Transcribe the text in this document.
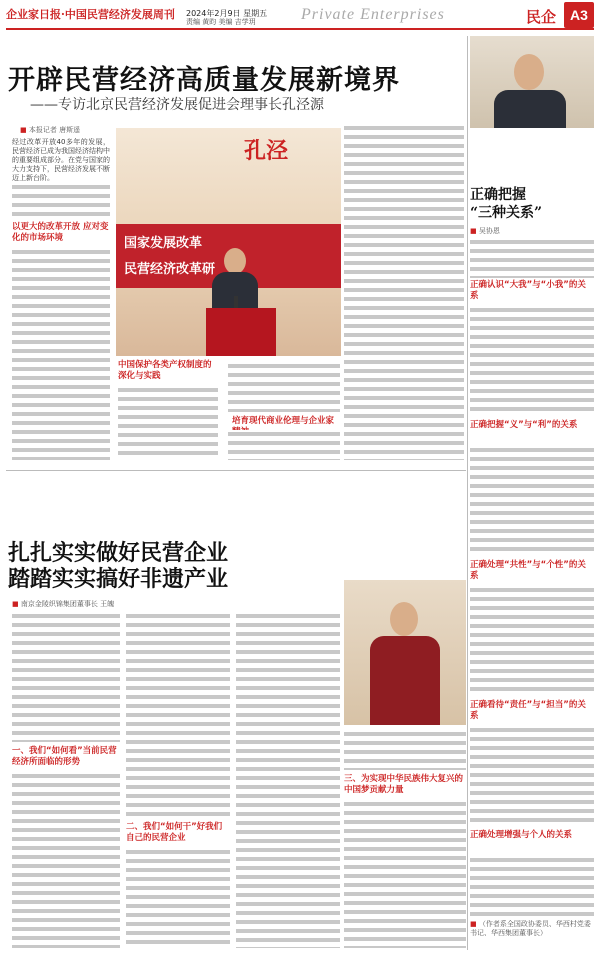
企业家日报·中国民营经济发展周刊 2024年2月9日 星期五
责编 黄昀 美编 吉学玥	Private Enterprises	民企	A3
开辟民营经济高质量发展新境界
——专访北京民营经济发展促进会理事长孔泾源
■ 本报记者 唐斯遥
经过改革开放40多年的发展，民营经济已成为我国经济结构中的重要组成部分。在党与国家的大力支持下，民营经济发展不断迈上新台阶。
以更大的改革开放 应对变化的市场环境
孔泾
国家发展改革
民营经济改革研
中国保护各类产权制度的 深化与实践
培育现代商业伦理与企业家精神
扎扎实实做好民营企业
踏踏实实搞好非遗产业
■ 南京金陵织锦集团董事长 王魄
一、我们“如何看”当前民营经济所面临的形势
二、我们“如何干”好我们自己的民营企业
三、为实现中华民族伟大复兴的中国梦贡献力量
正确把握
“三种关系”
■ 吴协恩
正确认识“大我”与“小我”的关系
正确把握“义”与“利”的关系
正确处理“共性”与“个性”的关系
正确看待“责任”与“担当”的关系
正确处理增强与个人的关系
■ （作者系全国政协委员、华西村党委书记、华西集团董事长）
